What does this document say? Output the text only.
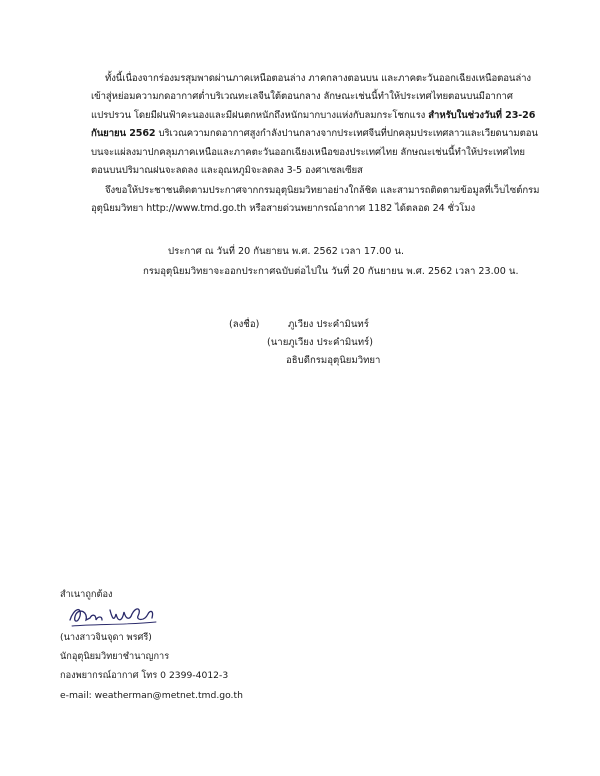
ทั้งนี้เนื่องจากร่องมรสุมพาดผ่านภาคเหนือตอนล่าง ภาคกลางตอนบน และภาคตะวันออกเฉียงเหนือตอนล่างเข้าสู่หย่อมความกดอากาศต่ำบริเวณทะเลจีนใต้ตอนกลาง ลักษณะเช่นนี้ทำให้ประเทศไทยตอนบนมีอากาศแปรปรวน โดยมีฝนฟ้าคะนองและมีฝนตกหนักถึงหนักมากบางแห่งกับลมกระโชกแรง สำหรับในช่วงวันที่ 23-26 กันยายน 2562 บริเวณความกดอากาศสูงกำลังปานกลางจากประเทศจีนที่ปกคลุมประเทศลาวและเวียดนามตอนบนจะแผ่ลงมาปกคลุมภาคเหนือและภาคตะวันออกเฉียงเหนือของประเทศไทย ลักษณะเช่นนี้ทำให้ประเทศไทยตอนบนปริมาณฝนจะลดลง และอุณหภูมิจะลดลง 3-5 องศาเซลเซียส
จึงขอให้ประชาชนติดตามประกาศจากกรมอุตุนิยมวิทยาอย่างใกล้ชิด และสามารถติดตามข้อมูลที่เว็บไซต์กรมอุตุนิยมวิทยา http://www.tmd.go.th หรือสายด่วนพยากรณ์อากาศ 1182 ได้ตลอด 24 ชั่วโมง
ประกาศ ณ วันที่ 20 กันยายน พ.ศ. 2562 เวลา 17.00 น.
กรมอุตุนิยมวิทยาจะออกประกาศฉบับต่อไปใน วันที่ 20 กันยายน พ.ศ. 2562 เวลา 23.00 น.
(ลงชื่อ)	ภูเวียง ประคำมินทร์
(นายภูเวียง ประคำมินทร์)
อธิบดีกรมอุตุนิยมวิทยา
สำเนาถูกต้อง
(นางสาวจินจุดา พรศรี)
นักอุตุนิยมวิทยาชำนาญการ
กองพยากรณ์อากาศ โทร 0 2399-4012-3
e-mail: weatherman@metnet.tmd.go.th
